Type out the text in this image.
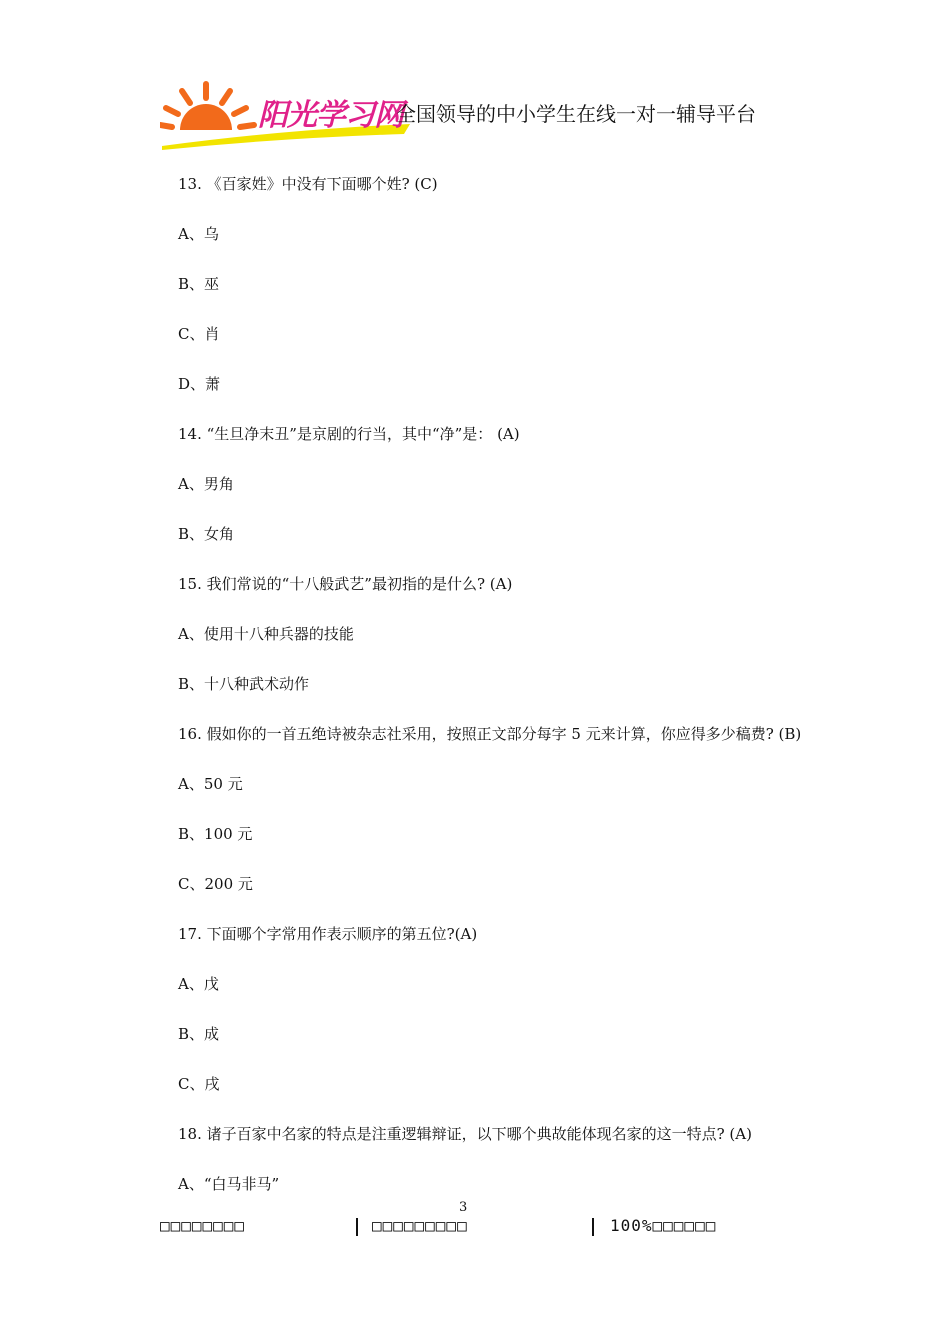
阳光学习网
全国领导的中小学生在线一对一辅导平台
13. 《百家姓》中没有下面哪个姓? (C)
A、乌
B、巫
C、肖
D、萧
14. “生旦净末丑”是京剧的行当，其中“净”是： (A)
A、男角
B、女角
15. 我们常说的“十八般武艺”最初指的是什么? (A)
A、使用十八种兵器的技能
B、十八种武术动作
16. 假如你的一首五绝诗被杂志社采用，按照正文部分每字 5 元来计算，你应得多少稿费? (B)
A、50 元
B、100 元
C、200 元
17. 下面哪个字常用作表示顺序的第五位?(A)
A、戊
B、成
C、戌
18. 诸子百家中名家的特点是注重逻辑辩证，以下哪个典故能体现名家的这一特点? (A)
A、“白马非马”
3
□□□□□□□□	□□□□□□□□□	100%□□□□□□
